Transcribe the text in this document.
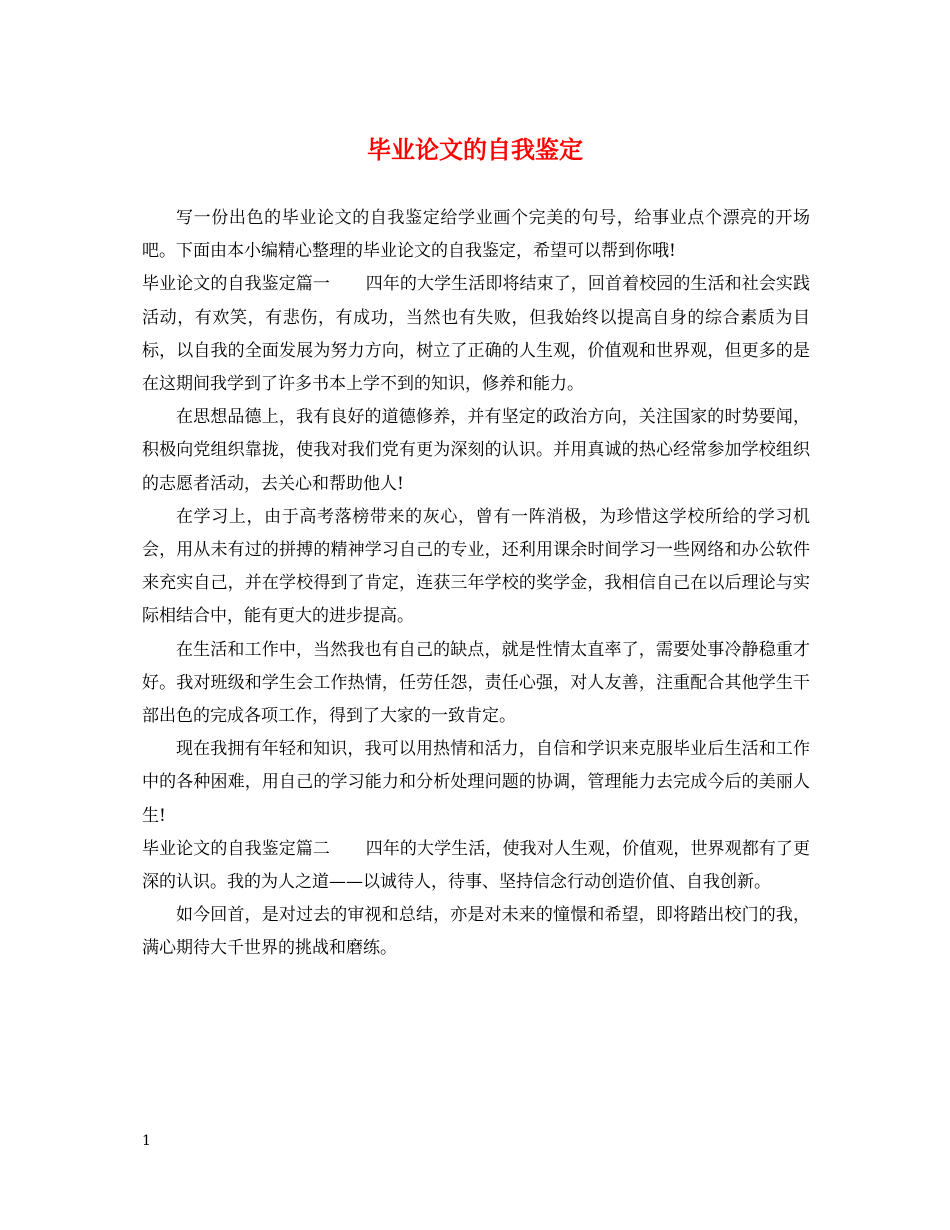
毕业论文的自我鉴定

写一份出色的毕业论文的自我鉴定给学业画个完美的句号，给事业点个漂亮的开场吧。下面由本小编精心整理的毕业论文的自我鉴定，希望可以帮到你哦!

毕业论文的自我鉴定篇一 四年的大学生活即将结束了，回首着校园的生活和社会实践活动，有欢笑，有悲伤，有成功，当然也有失败，但我始终以提高自身的综合素质为目标，以自我的全面发展为努力方向，树立了正确的人生观，价值观和世界观，但更多的是在这期间我学到了许多书本上学不到的知识，修养和能力。

在思想品德上，我有良好的道德修养，并有坚定的政治方向，关注国家的时势要闻，积极向党组织靠拢，使我对我们党有更为深刻的认识。并用真诚的热心经常参加学校组织的志愿者活动，去关心和帮助他人!

在学习上，由于高考落榜带来的灰心，曾有一阵消极，为珍惜这学校所给的学习机会，用从未有过的拼搏的精神学习自己的专业，还利用课余时间学习一些网络和办公软件来充实自己，并在学校得到了肯定，连获三年学校的奖学金，我相信自己在以后理论与实际相结合中，能有更大的进步提高。

在生活和工作中，当然我也有自己的缺点，就是性情太直率了，需要处事冷静稳重才好。我对班级和学生会工作热情，任劳任怨，责任心强，对人友善，注重配合其他学生干部出色的完成各项工作，得到了大家的一致肯定。

现在我拥有年轻和知识，我可以用热情和活力，自信和学识来克服毕业后生活和工作中的各种困难，用自己的学习能力和分析处理问题的协调，管理能力去完成今后的美丽人生!

毕业论文的自我鉴定篇二 四年的大学生活，使我对人生观，价值观，世界观都有了更深的认识。我的为人之道——以诚待人，待事、坚持信念行动创造价值、自我创新。

如今回首，是对过去的审视和总结，亦是对未来的憧憬和希望，即将踏出校门的我，满心期待大千世界的挑战和磨练。

1
